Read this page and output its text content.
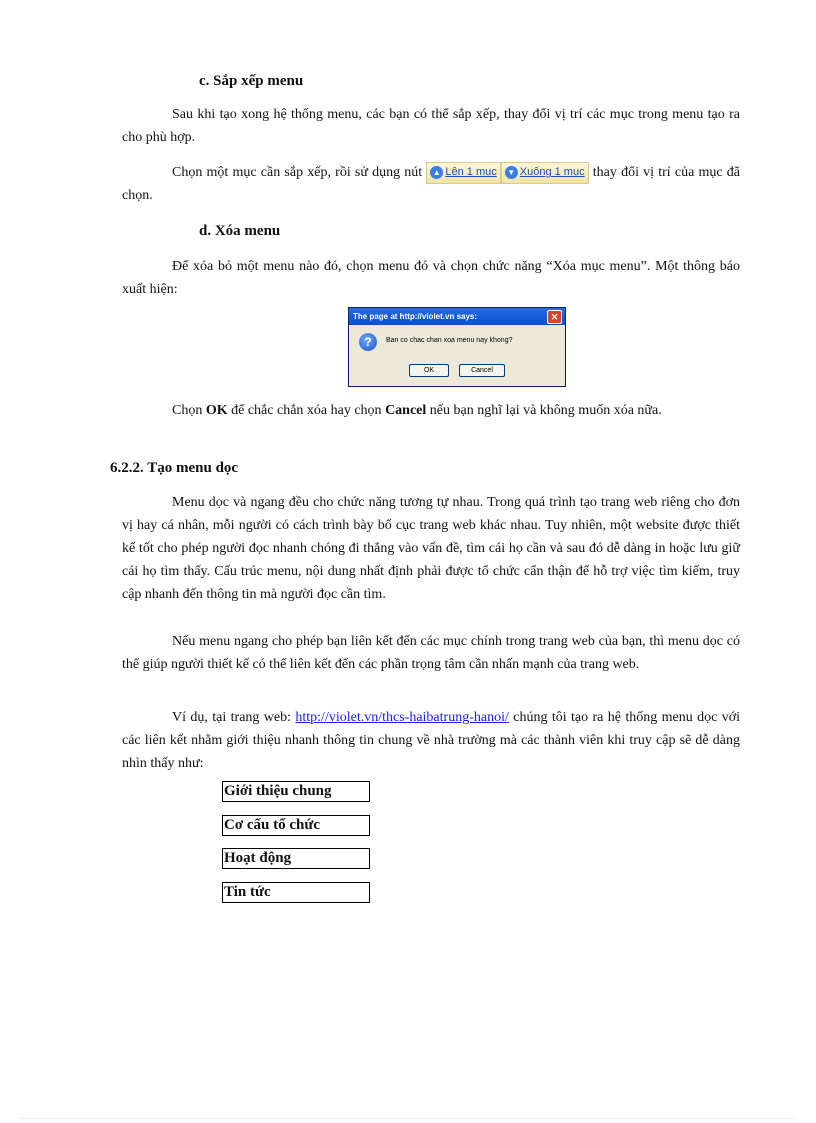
c. Sắp xếp menu

Sau khi tạo xong hệ thống menu, các bạn có thể sắp xếp, thay đổi vị trí các mục trong menu tạo ra cho phù hợp.

Chọn một mục cần sắp xếp, rồi sử dụng nút ▲ Lên 1 mục	▼ Xuống 1 mục thay đổi vị trí của mục đã chọn.

d. Xóa menu

Để xóa bỏ một menu nào đó, chọn menu đó và chọn chức năng “Xóa mục menu”. Một thông báo xuất hiện:

The page at http://violet.vn says:	✕
?	Ban co chac chan xoa menu nay khong?
OK	Cancel

Chọn OK để chắc chắn xóa hay chọn Cancel nếu bạn nghĩ lại và không muốn xóa nữa.

6.2.2. Tạo menu dọc

Menu dọc và ngang đều cho chức năng tương tự nhau. Trong quá trình tạo trang web riêng cho đơn vị hay cá nhân, mỗi người có cách trình bày bố cục trang web khác nhau. Tuy nhiên, một website được thiết kế tốt cho phép người đọc nhanh chóng đi thẳng vào vấn đề, tìm cái họ cần và sau đó dễ dàng in hoặc lưu giữ cái họ tìm thấy. Cấu trúc menu, nội dung nhất định phải được tổ chức cẩn thận để hỗ trợ việc tìm kiếm, truy cập nhanh đến thông tin mà người đọc cần tìm.

Nếu menu ngang cho phép bạn liên kết đến các mục chính trong trang web của bạn, thì menu dọc có thể giúp người thiết kế có thể liên kết đến các phần trọng tâm cần nhấn mạnh của trang web.

Ví dụ, tại trang web: http://violet.vn/thcs-haibatrung-hanoi/ chúng tôi tạo ra hệ thống menu dọc với các liên kết nhằm giới thiệu nhanh thông tin chung về nhà trường mà các thành viên khi truy cập sẽ dễ dàng nhìn thấy như:

Giới thiệu chung
Cơ cấu tổ chức
Hoạt động
Tin tức
